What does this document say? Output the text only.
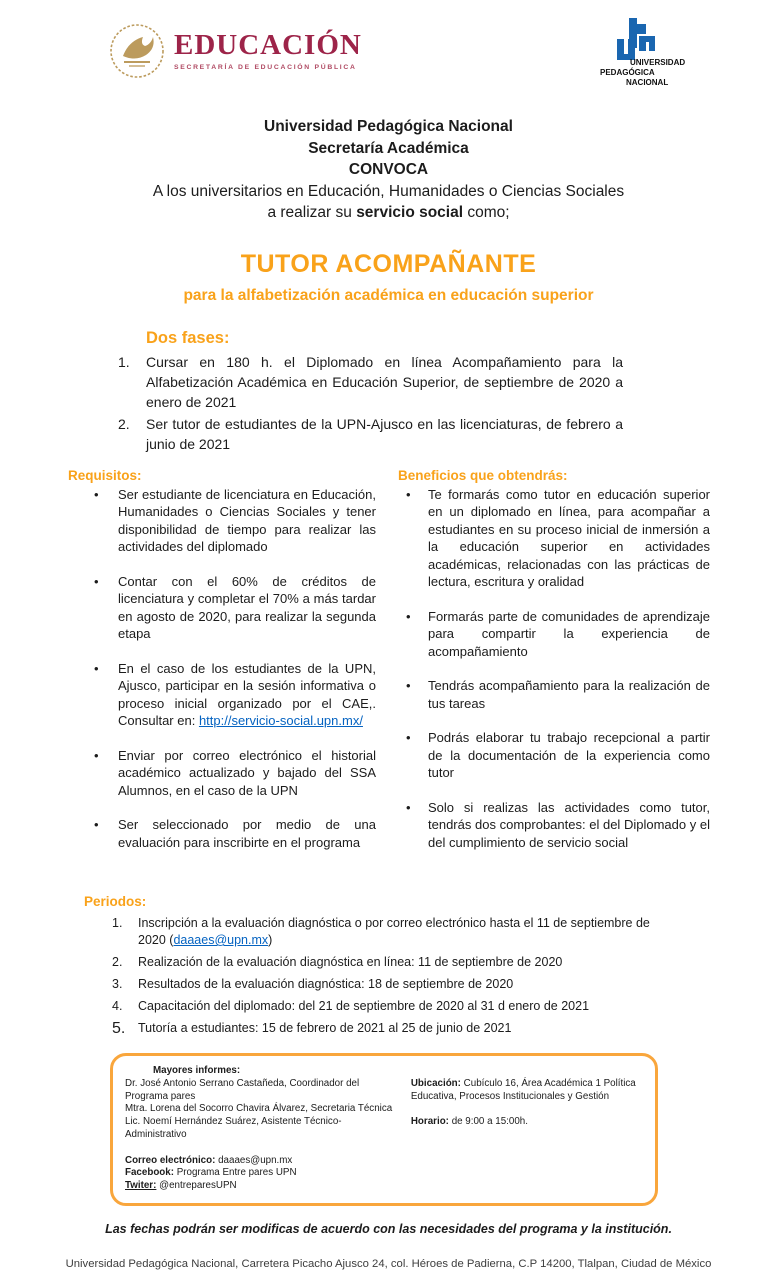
EDUCACIÓN
SECRETARÍA DE EDUCACIÓN PÚBLICA
UNIVERSIDAD
PEDAGÓGICA
NACIONAL
Universidad Pedagógica Nacional
Secretaría Académica
CONVOCA
A los universitarios en Educación, Humanidades o Ciencias Sociales
a realizar su servicio social como;
TUTOR ACOMPAÑANTE
para la alfabetización académica en educación superior
Dos fases:
1.	Cursar en 180 h. el Diplomado en línea Acompañamiento para la Alfabetización Académica en Educación Superior, de septiembre de 2020 a enero de 2021
2.	Ser tutor de estudiantes de la UPN-Ajusco en las licenciaturas, de febrero a junio de 2021
Requisitos:
•	Ser estudiante de licenciatura en Educación, Humanidades o Ciencias Sociales y tener disponibilidad de tiempo para realizar las actividades del diplomado
•	Contar con el 60% de créditos de licenciatura y completar el 70% a más tardar en agosto de 2020, para realizar la segunda etapa
•	En el caso de los estudiantes de la UPN, Ajusco, participar en la sesión informativa o proceso inicial organizado por el CAE,. Consultar en: http://servicio-social.upn.mx/
•	Enviar por correo electrónico el historial académico actualizado y bajado del SSA Alumnos, en el caso de la UPN
•	Ser seleccionado por medio de una evaluación para inscribirte en el programa
Beneficios que obtendrás:
•	Te formarás como tutor en educación superior en un diplomado en línea, para acompañar a estudiantes en su proceso inicial de inmersión a la educación superior en actividades académicas, relacionadas con las prácticas de lectura, escritura y oralidad
•	Formarás parte de comunidades de aprendizaje para compartir la experiencia de acompañamiento
•	Tendrás acompañamiento para la realización de tus tareas
•	Podrás elaborar tu trabajo recepcional a partir de la documentación de la experiencia como tutor
•	Solo si realizas las actividades como tutor, tendrás dos comprobantes: el del Diplomado y el del cumplimiento de servicio social
Periodos:
1.	Inscripción a la evaluación diagnóstica o por correo electrónico hasta el 11 de septiembre de 2020 (daaaes@upn.mx)
2.	Realización de la evaluación diagnóstica en línea: 11 de septiembre de 2020
3.	Resultados de la evaluación diagnóstica: 18 de septiembre de 2020
4.	Capacitación del diplomado: del 21 de septiembre de 2020 al 31 d enero de 2021
5.	Tutoría a estudiantes: 15 de febrero de 2021 al 25 de junio de 2021
Mayores informes:
Dr. José Antonio Serrano Castañeda, Coordinador del Programa pares
Mtra. Lorena del Socorro Chavira Álvarez, Secretaria Técnica
Lic. Noemí Hernández Suárez, Asistente Técnico-Administrativo
Correo electrónico: daaaes@upn.mx
Facebook: Programa Entre pares UPN
Twiter: @entreparesUPN
Ubicación: Cubículo 16, Área Académica 1 Política Educativa, Procesos Institucionales y Gestión
Horario: de 9:00 a 15:00h.
Las fechas podrán ser modificas de acuerdo con las necesidades del programa y la institución.
Universidad Pedagógica Nacional, Carretera Picacho Ajusco 24, col. Héroes de Padierna, C.P 14200, Tlalpan, Ciudad de México
